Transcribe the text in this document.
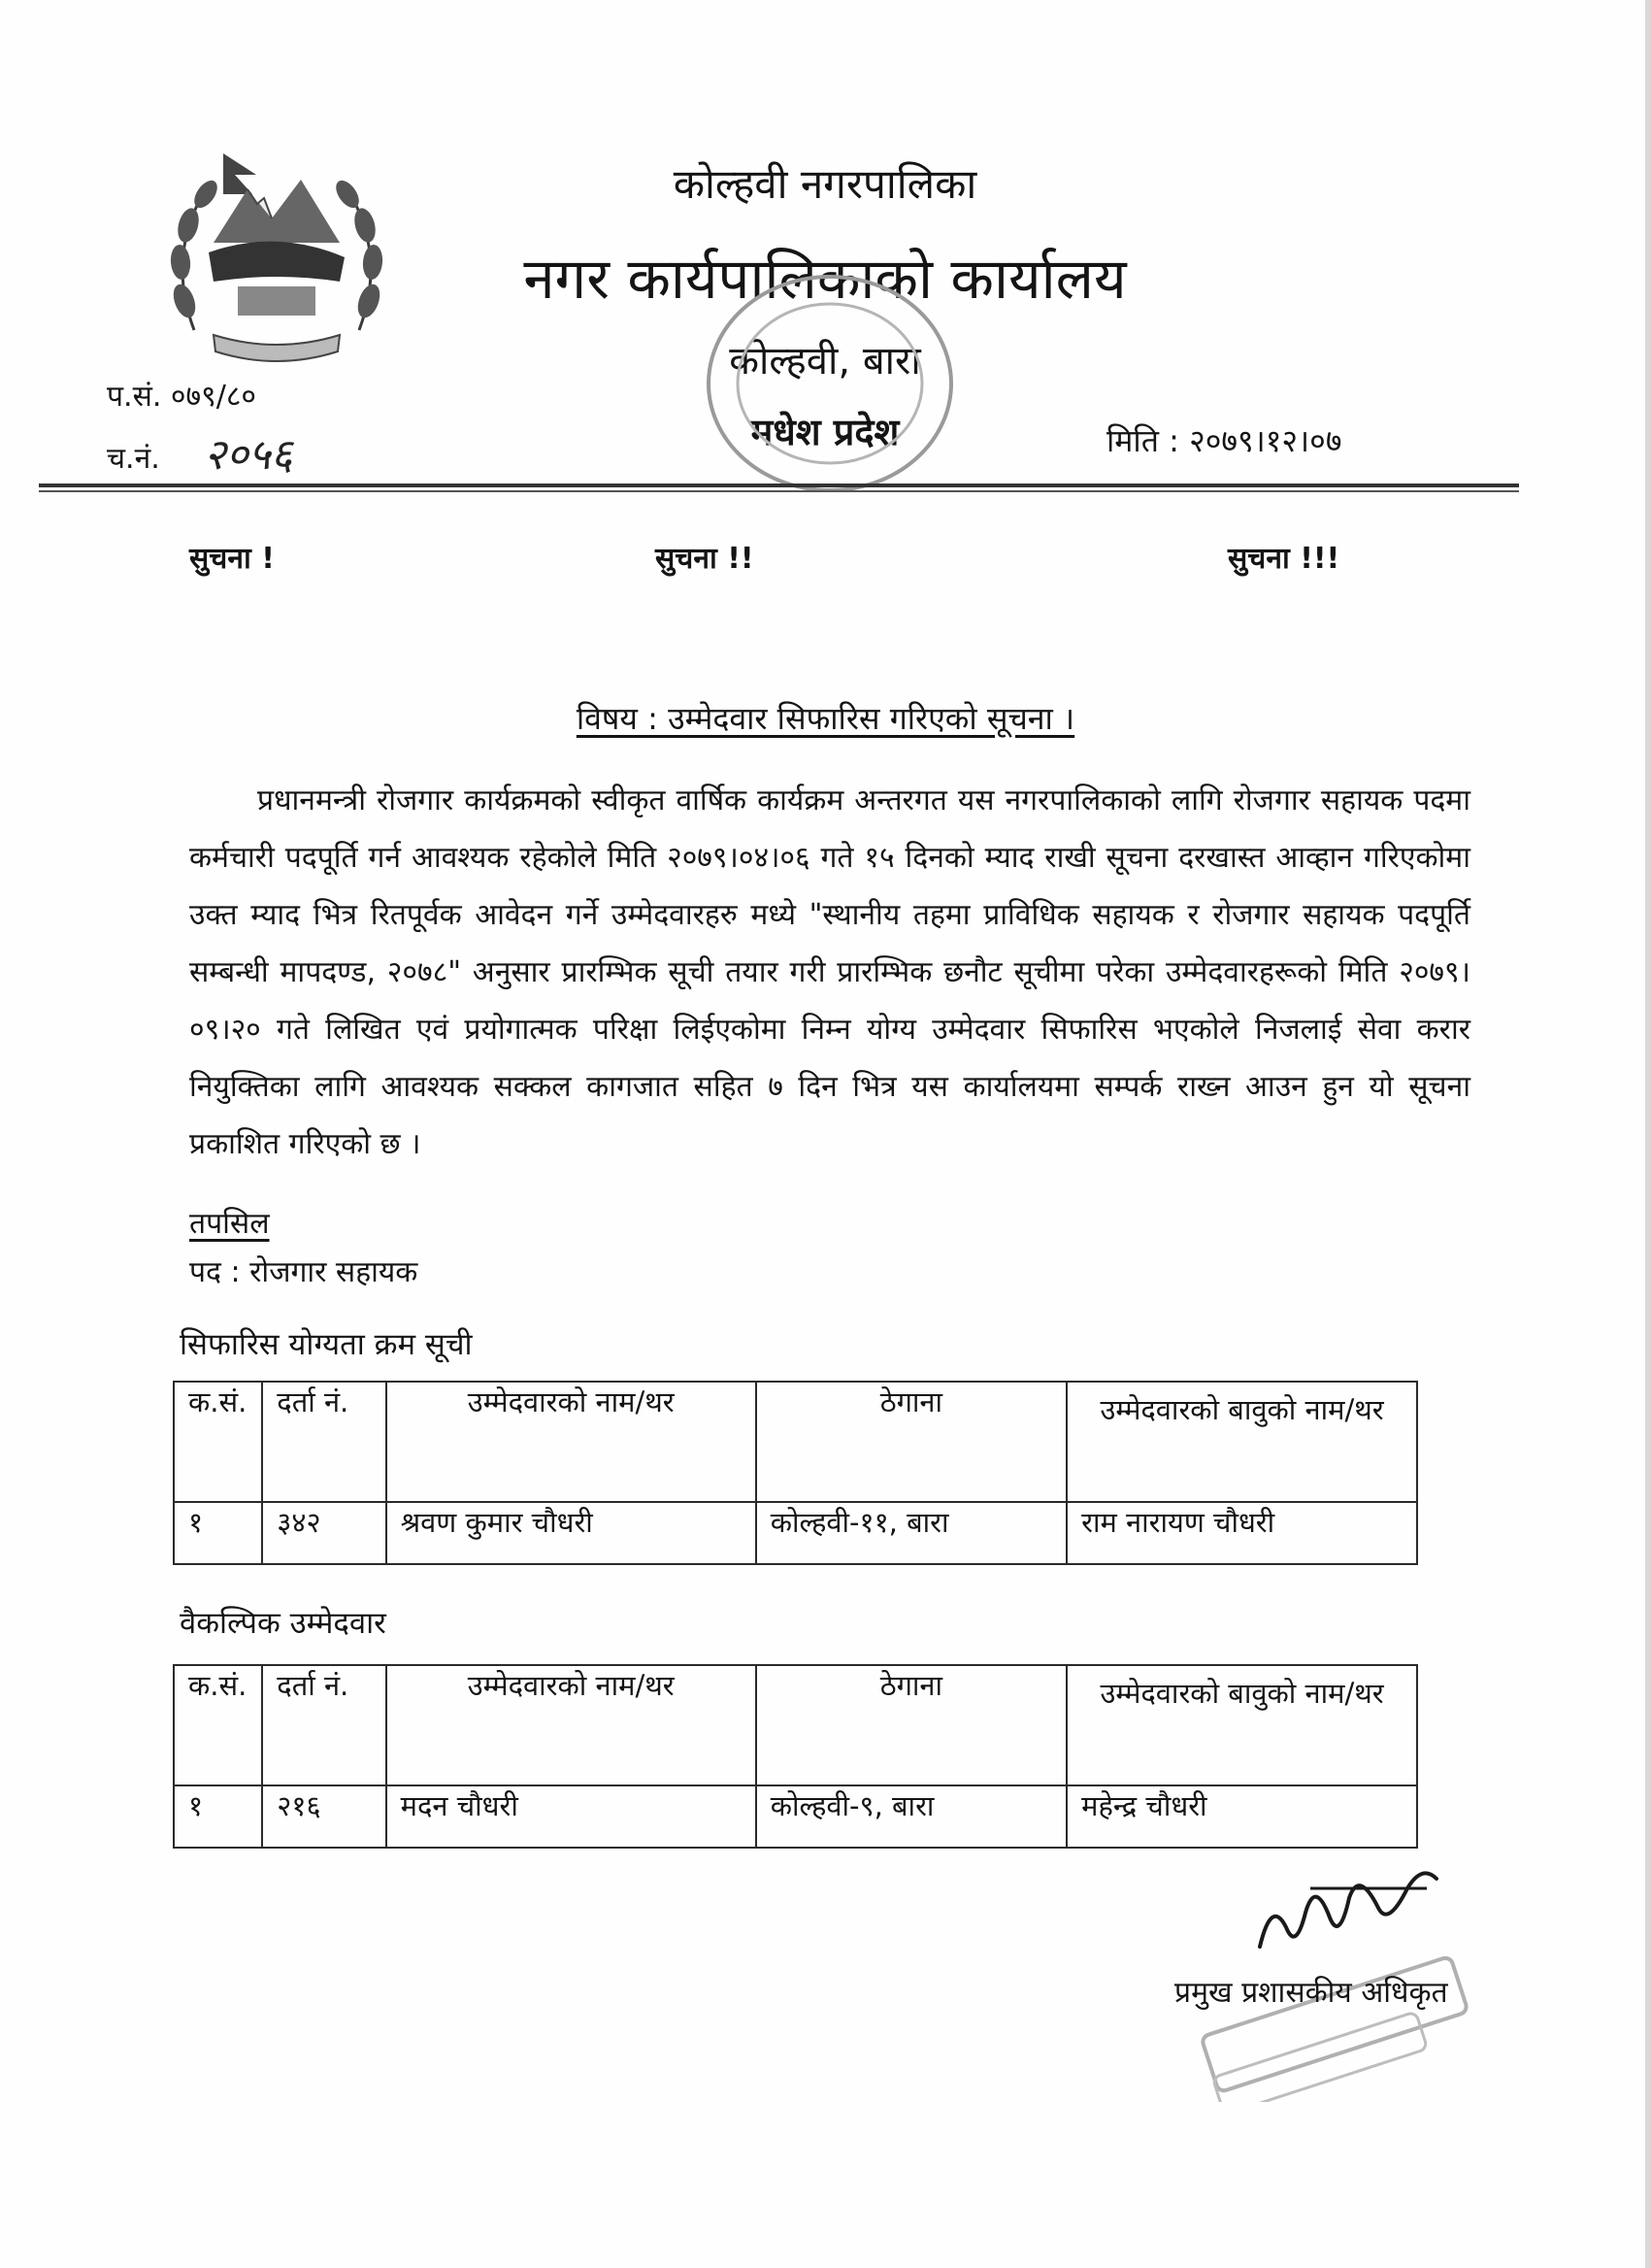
कोल्हवी नगरपालिका
नगर कार्यपालिकाको कार्यालय
कोल्हवी, बारा
मधेश प्रदेश
प.सं. ०७९/८०
च.नं. २०५६	मिति : २०७९।१२।०७
सुचना !	सुचना !!	सुचना !!!
विषय : उम्मेदवार सिफारिस गरिएको सूचना ।
प्रधानमन्त्री रोजगार कार्यक्रमको स्वीकृत वार्षिक कार्यक्रम अन्तरगत यस नगरपालिकाको लागि रोजगार सहायक पदमा कर्मचारी पदपूर्ति गर्न आवश्यक रहेकोले मिति २०७९।०४।०६ गते १५ दिनको म्याद राखी सूचना दरखास्त आव्हान गरिएकोमा उक्त म्याद भित्र रितपूर्वक आवेदन गर्ने उम्मेदवारहरु मध्ये "स्थानीय तहमा प्राविधिक सहायक र रोजगार सहायक पदपूर्ति सम्बन्धी मापदण्ड, २०७८" अनुसार प्रारम्भिक सूची तयार गरी प्रारम्भिक छनौट सूचीमा परेका उम्मेदवारहरूको मिति २०७९।०९।२० गते लिखित एवं प्रयोगात्मक परिक्षा लिईएकोमा निम्न योग्य उम्मेदवार सिफारिस भएकोले निजलाई सेवा करार नियुक्तिका लागि आवश्यक सक्कल कागजात सहित ७ दिन भित्र यस कार्यालयमा सम्पर्क राख्न आउन हुन यो सूचना प्रकाशित गरिएको छ ।
तपसिल
पद : रोजगार सहायक
सिफारिस योग्यता क्रम सूची
क.सं.	दर्ता नं.	उम्मेदवारको नाम/थर	ठेगाना	उम्मेदवारको बावुको नाम/थर
१	३४२	श्रवण कुमार चौधरी	कोल्हवी-११, बारा	राम नारायण चौधरी
वैकल्पिक उम्मेदवार
क.सं.	दर्ता नं.	उम्मेदवारको नाम/थर	ठेगाना	उम्मेदवारको बावुको नाम/थर
१	२१६	मदन चौधरी	कोल्हवी-९, बारा	महेन्द्र चौधरी
प्रमुख प्रशासकीय अधिकृत
